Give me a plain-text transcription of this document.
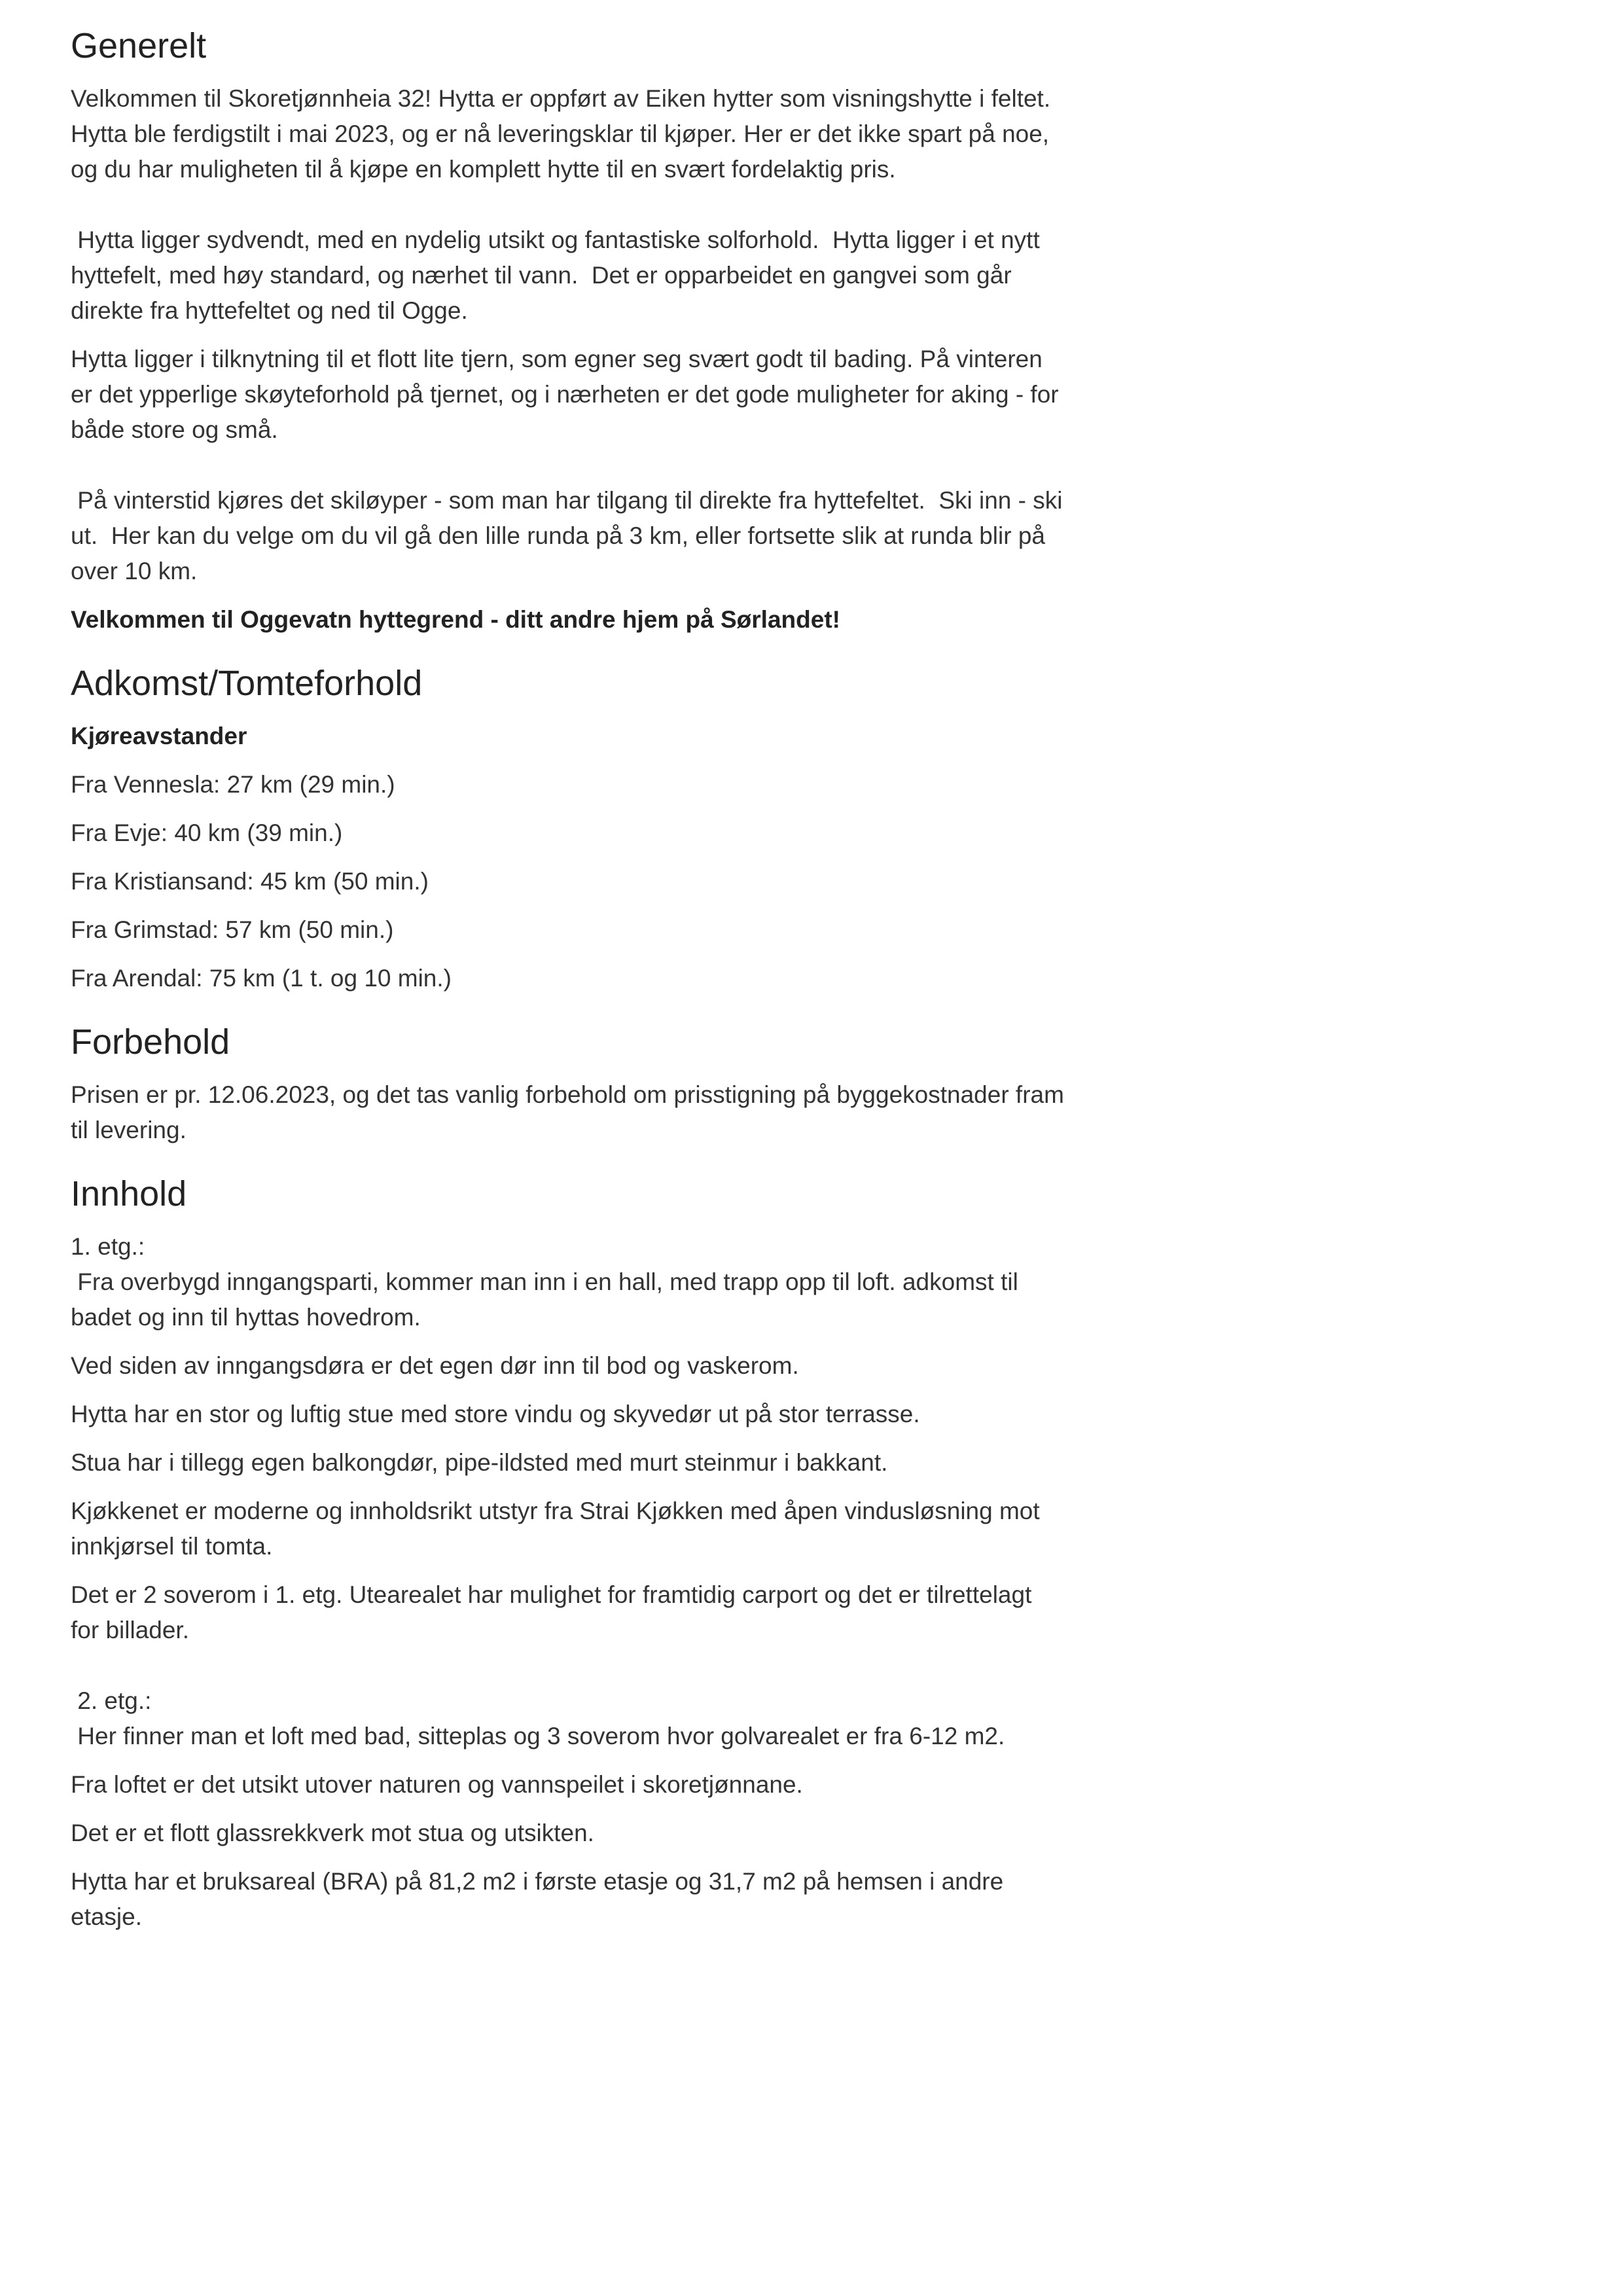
Generelt

Velkommen til Skoretjønnheia 32! Hytta er oppført av Eiken hytter som visningshytte i feltet. Hytta ble ferdigstilt i mai 2023, og er nå leveringsklar til kjøper. Her er det ikke spart på noe, og du har muligheten til å kjøpe en komplett hytte til en svært fordelaktig pris.

Hytta ligger sydvendt, med en nydelig utsikt og fantastiske solforhold.  Hytta ligger i et nytt hyttefelt, med høy standard, og nærhet til vann.  Det er opparbeidet en gangvei som går direkte fra hyttefeltet og ned til Ogge.

Hytta ligger i tilknytning til et flott lite tjern, som egner seg svært godt til bading. På vinteren er det ypperlige skøyteforhold på tjernet, og i nærheten er det gode muligheter for aking - for både store og små.

På vinterstid kjøres det skiløyper - som man har tilgang til direkte fra hyttefeltet.  Ski inn - ski ut.  Her kan du velge om du vil gå den lille runda på 3 km, eller fortsette slik at runda blir på over 10 km.

Velkommen til Oggevatn hyttegrend - ditt andre hjem på Sørlandet!

Adkomst/Tomteforhold

Kjøreavstander

Fra Vennesla: 27 km (29 min.)

Fra Evje: 40 km (39 min.)

Fra Kristiansand: 45 km (50 min.)

Fra Grimstad: 57 km (50 min.)

Fra Arendal: 75 km (1 t. og 10 min.)

Forbehold

Prisen er pr. 12.06.2023, og det tas vanlig forbehold om prisstigning på byggekostnader fram til levering.

Innhold

1. etg.:

Fra overbygd inngangsparti, kommer man inn i en hall, med trapp opp til loft. adkomst til badet og inn til hyttas hovedrom.

Ved siden av inngangsdøra er det egen dør inn til bod og vaskerom.

Hytta har en stor og luftig stue med store vindu og skyvedør ut på stor terrasse.

Stua har i tillegg egen balkongdør, pipe-ildsted med murt steinmur i bakkant.

Kjøkkenet er moderne og innholdsrikt utstyr fra Strai Kjøkken med åpen vindusløsning mot innkjørsel til tomta.

Det er 2 soverom i 1. etg. Utearealet har mulighet for framtidig carport og det er tilrettelagt for billader.

2. etg.:

Her finner man et loft med bad, sitteplas og 3 soverom hvor golvarealet er fra 6-12 m2.

Fra loftet er det utsikt utover naturen og vannspeilet i skoretjønnane.

Det er et flott glassrekkverk mot stua og utsikten.

Hytta har et bruksareal (BRA) på 81,2 m2 i første etasje og 31,7 m2 på hemsen i andre etasje.
